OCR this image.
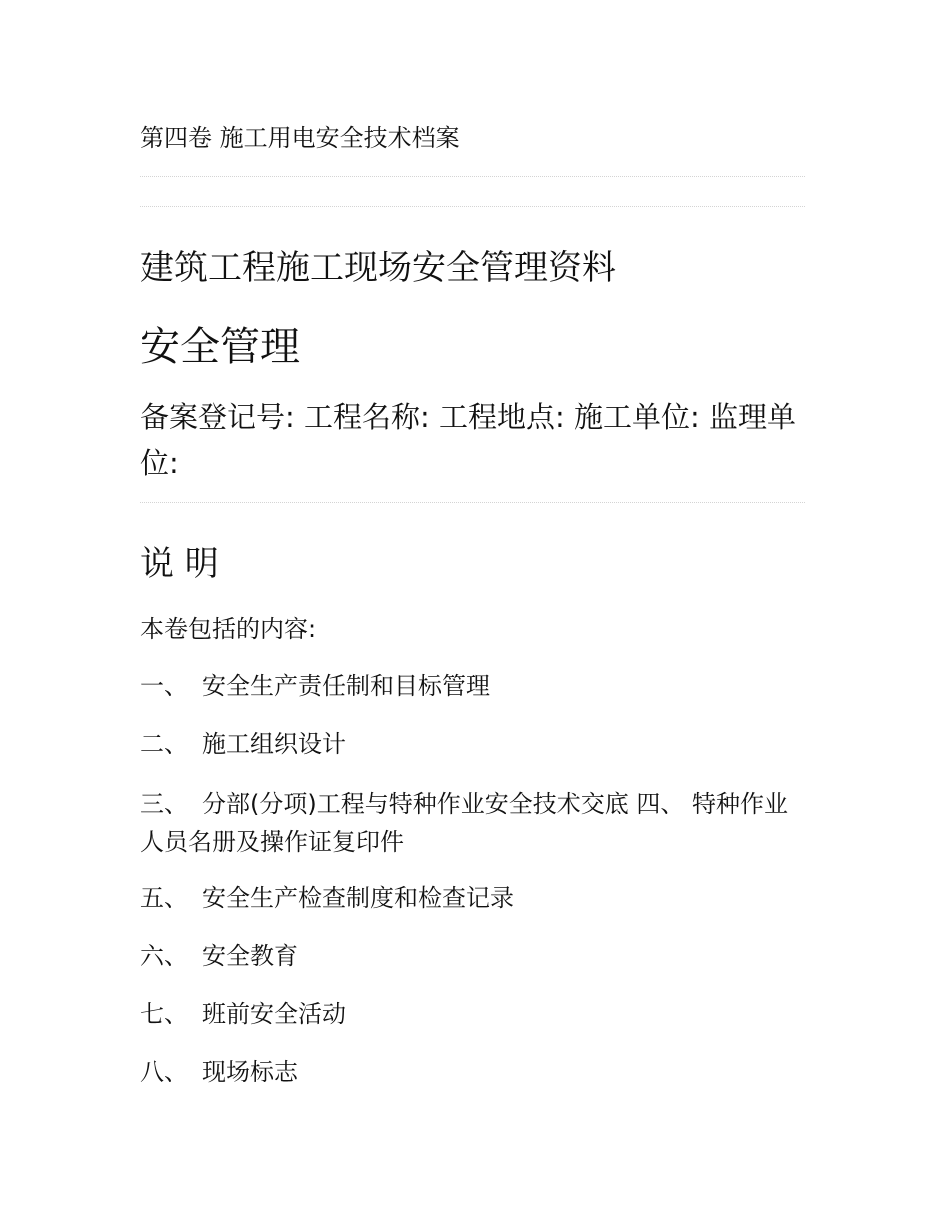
第四卷 施工用电安全技术档案
建筑工程施工现场安全管理资料
安全管理
备案登记号: 工程名称: 工程地点: 施工单位: 监理单位:
说 明
本卷包括的内容:
一、 安全生产责任制和目标管理
二、 施工组织设计
三、 分部(分项)工程与特种作业安全技术交底 四、 特种作业人员名册及操作证复印件
五、 安全生产检查制度和检查记录
六、 安全教育
七、 班前安全活动
八、 现场标志
